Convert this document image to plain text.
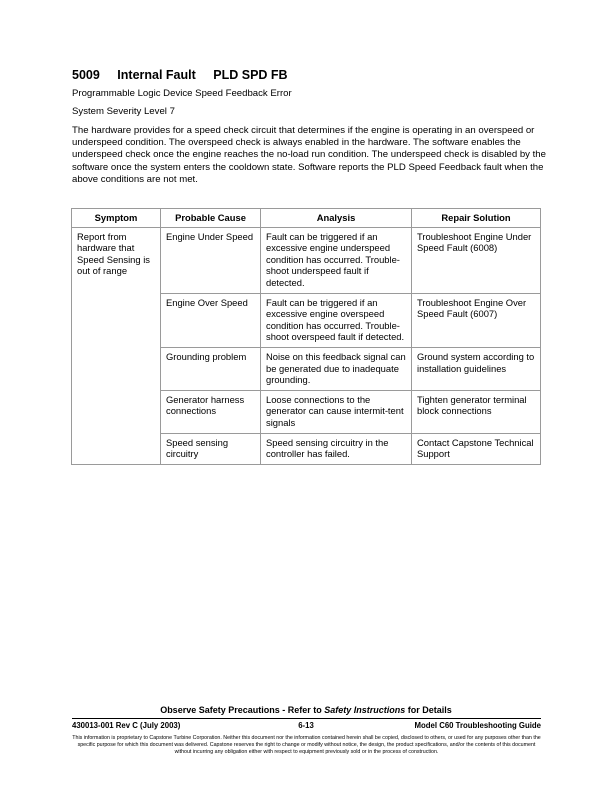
5009 Internal Fault PLD SPD FB
Programmable Logic Device Speed Feedback Error
System Severity Level 7
The hardware provides for a speed check circuit that determines if the engine is operating in an overspeed or underspeed condition. The overspeed check is always enabled in the hardware. The software enables the underspeed check once the engine reaches the no-load run condition. The underspeed check is disabled by the software once the system enters the cooldown state. Software reports the PLD Speed Feedback fault when the above conditions are not met.
Symptom	Probable Cause	Analysis	Repair Solution
Report from hardware that Speed Sensing is out of range	Engine Under Speed	Fault can be triggered if an excessive engine underspeed condition has occurred. Trouble-shoot underspeed fault if detected.	Troubleshoot Engine Under Speed Fault (6008)
	Engine Over Speed	Fault can be triggered if an excessive engine overspeed condition has occurred. Trouble-shoot overspeed fault if detected.	Troubleshoot Engine Over Speed Fault (6007)
	Grounding problem	Noise on this feedback signal can be generated due to inadequate grounding.	Ground system according to installation guidelines
	Generator harness connections	Loose connections to the generator can cause intermit-tent signals	Tighten generator terminal block connections
	Speed sensing circuitry	Speed sensing circuitry in the controller has failed.	Contact Capstone Technical Support
Observe Safety Precautions - Refer to Safety Instructions for Details
430013-001 Rev C (July 2003)	6-13	Model C60 Troubleshooting Guide
This information is proprietary to Capstone Turbine Corporation. Neither this document nor the information contained herein shall be copied, disclosed to others, or used for any purposes other than the specific purpose for which this document was delivered. Capstone reserves the right to change or modify without notice, the design, the product specifications, and/or the contents of this document without incurring any obligation either with respect to equipment previously sold or in the process of construction.
